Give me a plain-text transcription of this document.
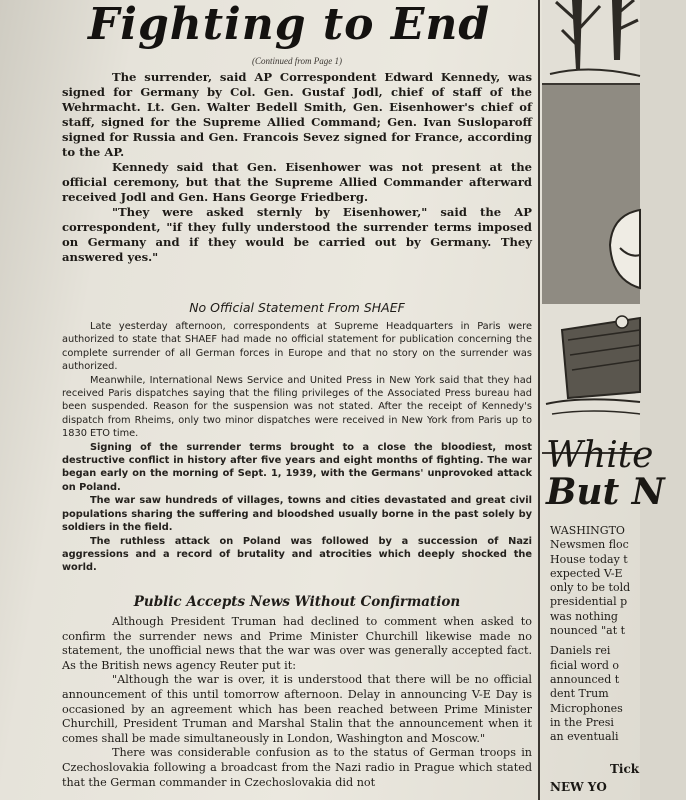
Fighting to End
(Continued from Page 1)

The surrender, said AP Correspondent Edward Kennedy, was signed for Germany by Col. Gen. Gustaf Jodl, chief of staff of the Wehrmacht. Lt. Gen. Walter Bedell Smith, Gen. Eisenhower's chief of staff, signed for the Supreme Allied Command; Gen. Ivan Susloparoff signed for Russia and Gen. Francois Sevez signed for France, according to the AP.

Kennedy said that Gen. Eisenhower was not present at the official ceremony, but that the Supreme Allied Commander afterward received Jodl and Gen. Hans George Friedberg.

"They were asked sternly by Eisenhower," said the AP correspondent, "if they fully understood the surrender terms imposed on Germany and if they would be carried out by Germany. They answered yes."

No Official Statement From SHAEF

Late yesterday afternoon, correspondents at Supreme Headquarters in Paris were authorized to state that SHAEF had made no official statement for publication concerning the complete surrender of all German forces in Europe and that no story on the surrender was authorized.

Meanwhile, International News Service and United Press in New York said that they had received Paris dispatches saying that the filing privileges of the Associated Press bureau had been suspended. Reason for the suspension was not stated. After the receipt of Kennedy's dispatch from Rheims, only two minor dispatches were received in New York from Paris up to 1830 ETO time.

Signing of the surrender terms brought to a close the bloodiest, most destructive conflict in history after five years and eight months of fighting. The war began early on the morning of Sept. 1, 1939, with the Germans' unprovoked attack on Poland.

The war saw hundreds of villages, towns and cities devastated and great civil populations sharing the suffering and bloodshed usually borne in the past solely by soldiers in the field.

The ruthless attack on Poland was followed by a succession of Nazi aggressions and a record of brutality and atrocities which deeply shocked the world.

Public Accepts News Without Confirmation

Although President Truman had declined to comment when asked to confirm the surrender news and Prime Minister Churchill likewise made no statement, the unofficial news that the war was over was generally accepted fact. As the British news agency Reuter put it:

"Although the war is over, it is understood that there will be no official announcement of this until tomorrow afternoon. Delay in announcing V-E Day is occasioned by an agreement which has been reached between Prime Minister Churchill, President Truman and Marshal Stalin that the announcement when it comes shall be made simultaneously in London, Washington and Moscow."

There was considerable confusion as to the status of German troops in Czechoslovakia following a broadcast from the Nazi radio in Prague which stated that the German commander in Czechoslovakia did not

White
But N
WASHINGTO
Newsmen floc
House today t
expected V-E
only to be told
presidential p
was nothing
nounced "at t
Daniels rei
ficial word o
announced t
dent Trum
Microphones
in the Presi
an eventuali
Tick
NEW YO
